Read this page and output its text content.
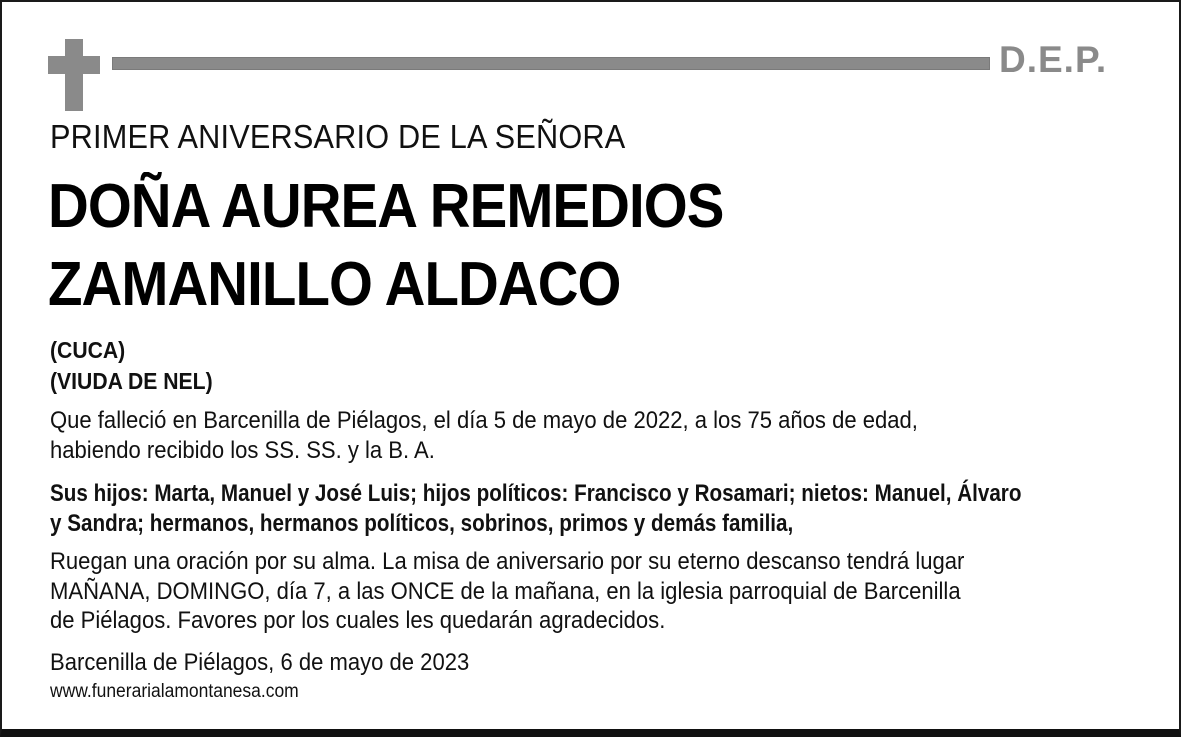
D.E.P.
PRIMER ANIVERSARIO DE LA SEÑORA
DOÑA AUREA REMEDIOS
ZAMANILLO ALDACO
(CUCA)
(VIUDA DE NEL)
Que falleció en Barcenilla de Piélagos, el día 5 de mayo de 2022, a los 75 años de edad,
habiendo recibido los SS. SS. y la B. A.
Sus hijos: Marta, Manuel y José Luis; hijos políticos: Francisco y Rosamari; nietos: Manuel, Álvaro
y Sandra; hermanos, hermanos políticos, sobrinos, primos y demás familia,
Ruegan una oración por su alma. La misa de aniversario por su eterno descanso tendrá lugar
MAÑANA, DOMINGO, día 7, a las ONCE de la mañana, en la iglesia parroquial de Barcenilla
de Piélagos. Favores por los cuales les quedarán agradecidos.
Barcenilla de Piélagos, 6 de mayo de 2023
www.funerarialamontanesa.com
